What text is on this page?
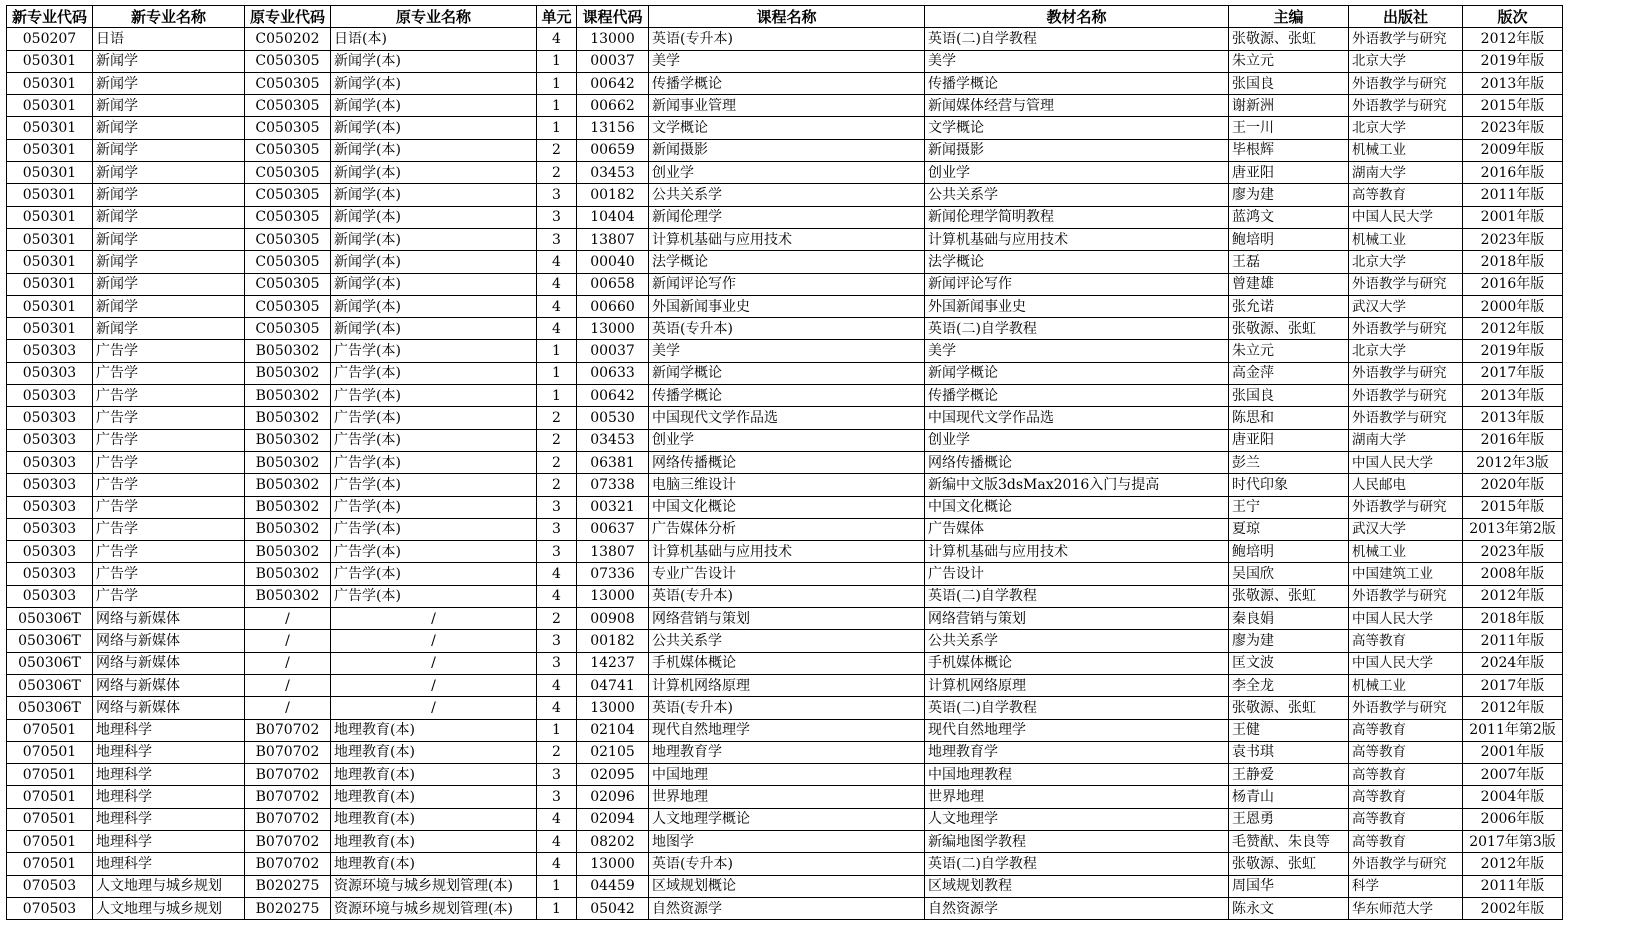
新专业代码	新专业名称	原专业代码	原专业名称	单元	课程代码	课程名称	教材名称	主编	出版社	版次
050207	日语	C050202	日语(本)	4	13000	英语(专升本)	英语(二)自学教程	张敬源、张虹	外语教学与研究	2012年版
050301	新闻学	C050305	新闻学(本)	1	00037	美学	美学	朱立元	北京大学	2019年版
050301	新闻学	C050305	新闻学(本)	1	00642	传播学概论	传播学概论	张国良	外语教学与研究	2013年版
050301	新闻学	C050305	新闻学(本)	1	00662	新闻事业管理	新闻媒体经营与管理	谢新洲	外语教学与研究	2015年版
050301	新闻学	C050305	新闻学(本)	1	13156	文学概论	文学概论	王一川	北京大学	2023年版
050301	新闻学	C050305	新闻学(本)	2	00659	新闻摄影	新闻摄影	毕根辉	机械工业	2009年版
050301	新闻学	C050305	新闻学(本)	2	03453	创业学	创业学	唐亚阳	湖南大学	2016年版
050301	新闻学	C050305	新闻学(本)	3	00182	公共关系学	公共关系学	廖为建	高等教育	2011年版
050301	新闻学	C050305	新闻学(本)	3	10404	新闻伦理学	新闻伦理学简明教程	蓝鸿文	中国人民大学	2001年版
050301	新闻学	C050305	新闻学(本)	3	13807	计算机基础与应用技术	计算机基础与应用技术	鲍培明	机械工业	2023年版
050301	新闻学	C050305	新闻学(本)	4	00040	法学概论	法学概论	王磊	北京大学	2018年版
050301	新闻学	C050305	新闻学(本)	4	00658	新闻评论写作	新闻评论写作	曾建雄	外语教学与研究	2016年版
050301	新闻学	C050305	新闻学(本)	4	00660	外国新闻事业史	外国新闻事业史	张允诺	武汉大学	2000年版
050301	新闻学	C050305	新闻学(本)	4	13000	英语(专升本)	英语(二)自学教程	张敬源、张虹	外语教学与研究	2012年版
050303	广告学	B050302	广告学(本)	1	00037	美学	美学	朱立元	北京大学	2019年版
050303	广告学	B050302	广告学(本)	1	00633	新闻学概论	新闻学概论	高金萍	外语教学与研究	2017年版
050303	广告学	B050302	广告学(本)	1	00642	传播学概论	传播学概论	张国良	外语教学与研究	2013年版
050303	广告学	B050302	广告学(本)	2	00530	中国现代文学作品选	中国现代文学作品选	陈思和	外语教学与研究	2013年版
050303	广告学	B050302	广告学(本)	2	03453	创业学	创业学	唐亚阳	湖南大学	2016年版
050303	广告学	B050302	广告学(本)	2	06381	网络传播概论	网络传播概论	彭兰	中国人民大学	2012年3版
050303	广告学	B050302	广告学(本)	2	07338	电脑三维设计	新编中文版3dsMax2016入门与提高	时代印象	人民邮电	2020年版
050303	广告学	B050302	广告学(本)	3	00321	中国文化概论	中国文化概论	王宁	外语教学与研究	2015年版
050303	广告学	B050302	广告学(本)	3	00637	广告媒体分析	广告媒体	夏琼	武汉大学	2013年第2版
050303	广告学	B050302	广告学(本)	3	13807	计算机基础与应用技术	计算机基础与应用技术	鲍培明	机械工业	2023年版
050303	广告学	B050302	广告学(本)	4	07336	专业广告设计	广告设计	吴国欣	中国建筑工业	2008年版
050303	广告学	B050302	广告学(本)	4	13000	英语(专升本)	英语(二)自学教程	张敬源、张虹	外语教学与研究	2012年版
050306T	网络与新媒体	/	/	2	00908	网络营销与策划	网络营销与策划	秦良娟	中国人民大学	2018年版
050306T	网络与新媒体	/	/	3	00182	公共关系学	公共关系学	廖为建	高等教育	2011年版
050306T	网络与新媒体	/	/	3	14237	手机媒体概论	手机媒体概论	匡文波	中国人民大学	2024年版
050306T	网络与新媒体	/	/	4	04741	计算机网络原理	计算机网络原理	李全龙	机械工业	2017年版
050306T	网络与新媒体	/	/	4	13000	英语(专升本)	英语(二)自学教程	张敬源、张虹	外语教学与研究	2012年版
070501	地理科学	B070702	地理教育(本)	1	02104	现代自然地理学	现代自然地理学	王健	高等教育	2011年第2版
070501	地理科学	B070702	地理教育(本)	2	02105	地理教育学	地理教育学	袁书琪	高等教育	2001年版
070501	地理科学	B070702	地理教育(本)	3	02095	中国地理	中国地理教程	王静爱	高等教育	2007年版
070501	地理科学	B070702	地理教育(本)	3	02096	世界地理	世界地理	杨青山	高等教育	2004年版
070501	地理科学	B070702	地理教育(本)	4	02094	人文地理学概论	人文地理学	王恩勇	高等教育	2006年版
070501	地理科学	B070702	地理教育(本)	4	08202	地图学	新编地图学教程	毛赞猷、朱良等	高等教育	2017年第3版
070501	地理科学	B070702	地理教育(本)	4	13000	英语(专升本)	英语(二)自学教程	张敬源、张虹	外语教学与研究	2012年版
070503	人文地理与城乡规划	B020275	资源环境与城乡规划管理(本)	1	04459	区域规划概论	区域规划教程	周国华	科学	2011年版
070503	人文地理与城乡规划	B020275	资源环境与城乡规划管理(本)	1	05042	自然资源学	自然资源学	陈永文	华东师范大学	2002年版
